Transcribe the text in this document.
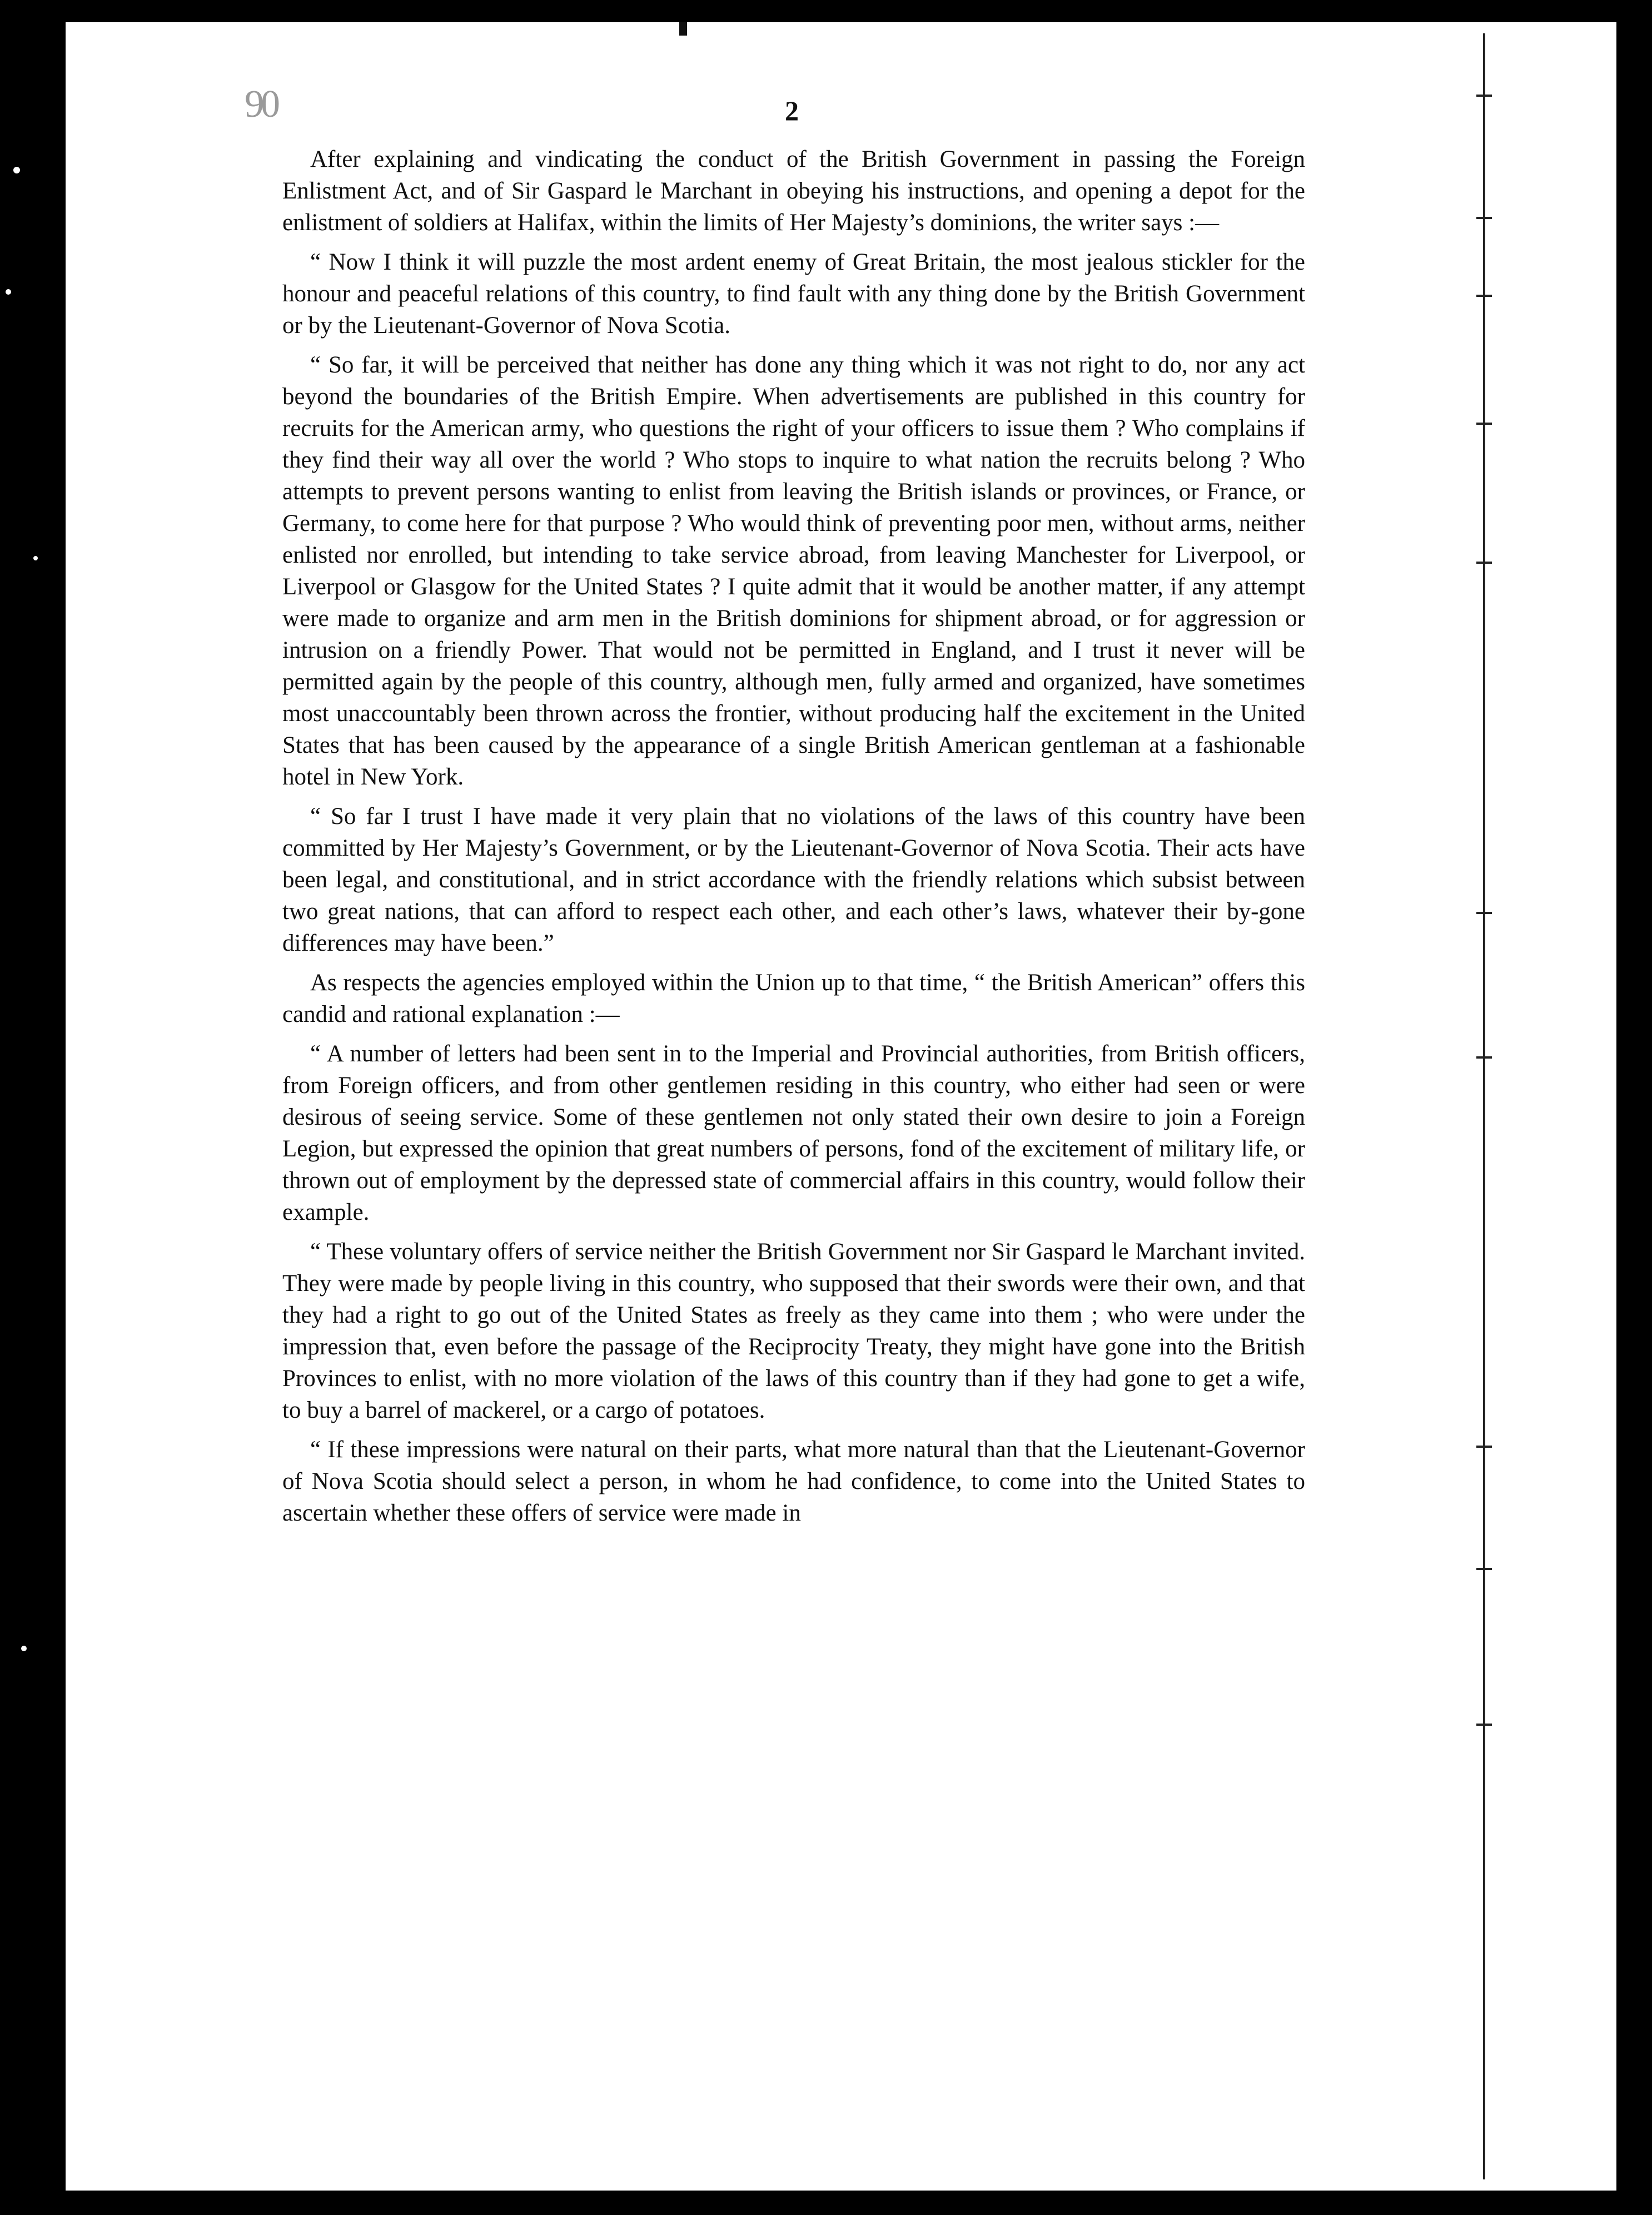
90	2

After explaining and vindicating the conduct of the British Government in passing the Foreign Enlistment Act, and of Sir Gaspard le Marchant in obeying his instructions, and opening a depot for the enlistment of soldiers at Halifax, within the limits of Her Majesty’s dominions, the writer says :—

“ Now I think it will puzzle the most ardent enemy of Great Britain, the most jealous stickler for the honour and peaceful relations of this country, to find fault with any thing done by the British Government or by the Lieutenant-Governor of Nova Scotia.

“ So far, it will be perceived that neither has done any thing which it was not right to do, nor any act beyond the boundaries of the British Empire. When advertisements are published in this country for recruits for the American army, who questions the right of your officers to issue them ? Who complains if they find their way all over the world ? Who stops to inquire to what nation the recruits belong ? Who attempts to prevent persons wanting to enlist from leaving the British islands or provinces, or France, or Germany, to come here for that purpose ? Who would think of preventing poor men, without arms, neither enlisted nor enrolled, but intending to take service abroad, from leaving Manchester for Liverpool, or Liverpool or Glasgow for the United States ? I quite admit that it would be another matter, if any attempt were made to organize and arm men in the British dominions for shipment abroad, or for aggression or intrusion on a friendly Power. That would not be permitted in England, and I trust it never will be permitted again by the people of this country, although men, fully armed and organized, have sometimes most unaccountably been thrown across the frontier, without producing half the excitement in the United States that has been caused by the appearance of a single British American gentleman at a fashionable hotel in New York.

“ So far I trust I have made it very plain that no violations of the laws of this country have been committed by Her Majesty’s Government, or by the Lieutenant-Governor of Nova Scotia. Their acts have been legal, and constitutional, and in strict accordance with the friendly relations which subsist between two great nations, that can afford to respect each other, and each other’s laws, whatever their by-gone differences may have been.”

As respects the agencies employed within the Union up to that time, “ the British American” offers this candid and rational explanation :—

“ A number of letters had been sent in to the Imperial and Provincial authorities, from British officers, from Foreign officers, and from other gentlemen residing in this country, who either had seen or were desirous of seeing service. Some of these gentlemen not only stated their own desire to join a Foreign Legion, but expressed the opinion that great numbers of persons, fond of the excitement of military life, or thrown out of employment by the depressed state of commercial affairs in this country, would follow their example.

“ These voluntary offers of service neither the British Government nor Sir Gaspard le Marchant invited. They were made by people living in this country, who supposed that their swords were their own, and that they had a right to go out of the United States as freely as they came into them ; who were under the impression that, even before the passage of the Reciprocity Treaty, they might have gone into the British Provinces to enlist, with no more violation of the laws of this country than if they had gone to get a wife, to buy a barrel of mackerel, or a cargo of potatoes.

“ If these impressions were natural on their parts, what more natural than that the Lieutenant-Governor of Nova Scotia should select a person, in whom he had confidence, to come into the United States to ascertain whether these offers of service were made in
